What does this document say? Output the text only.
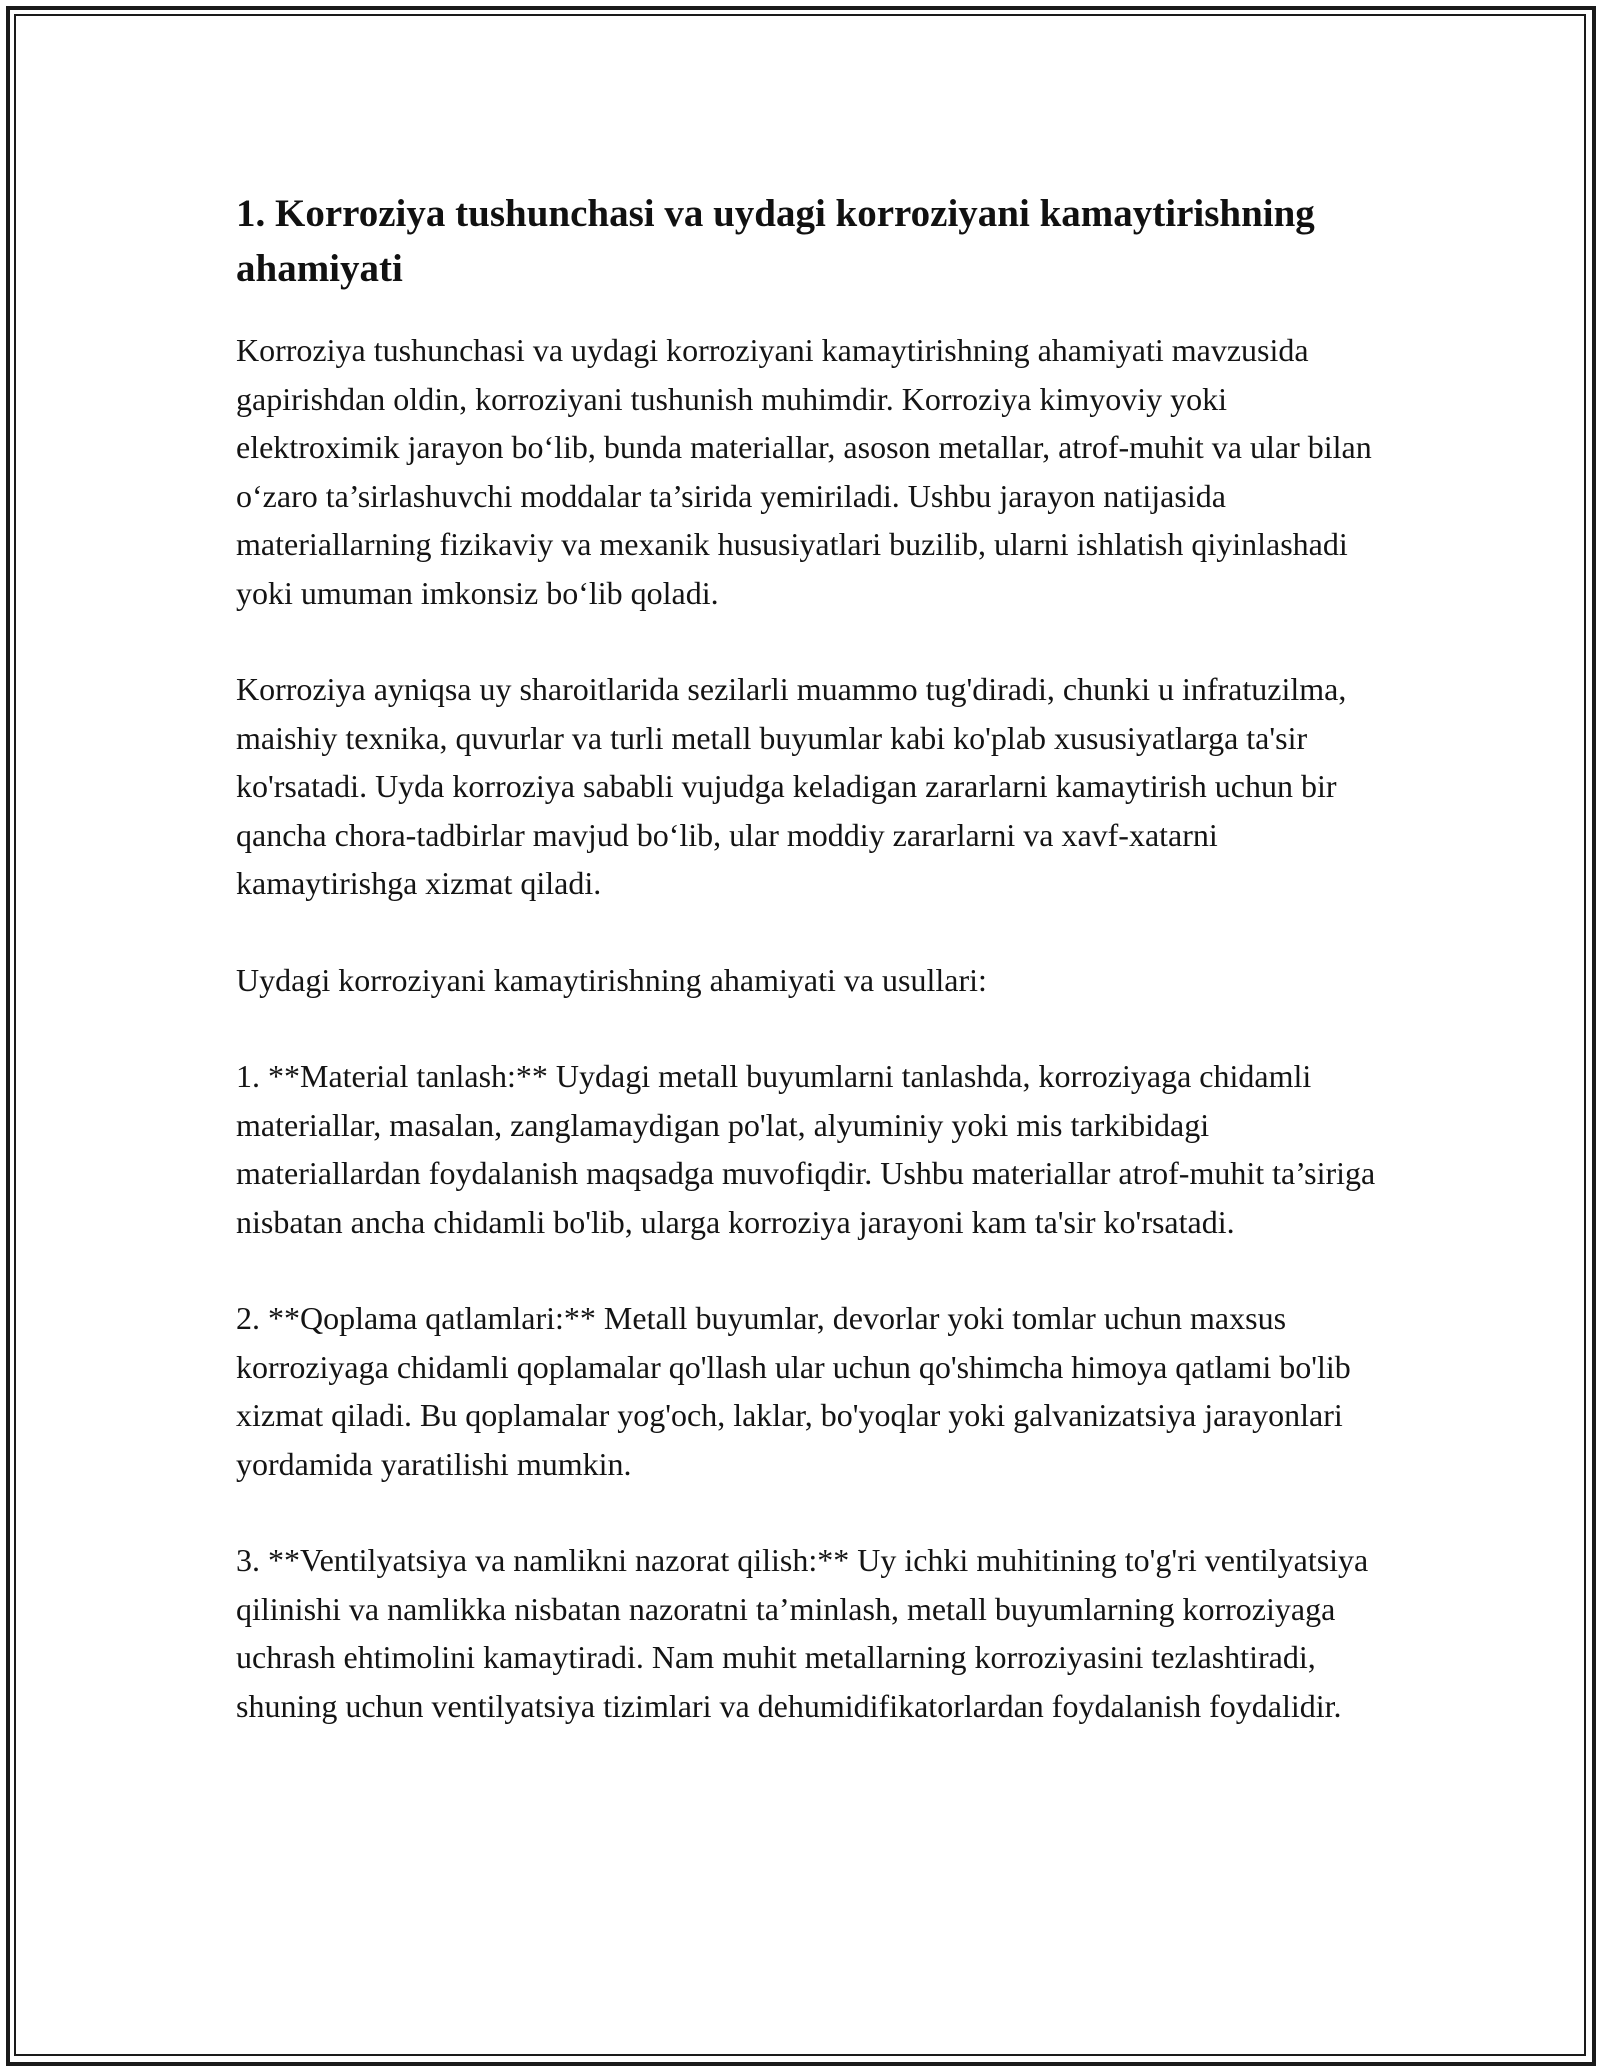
1. Korroziya tushunchasi va uydagi korroziyani kamaytirishning ahamiyati

Korroziya tushunchasi va uydagi korroziyani kamaytirishning ahamiyati mavzusida gapirishdan oldin, korroziyani tushunish muhimdir. Korroziya kimyoviy yoki elektroximik jarayon bo‘lib, bunda materiallar, asoson metallar, atrof-muhit va ular bilan o‘zaro ta’sirlashuvchi moddalar ta’sirida yemiriladi. Ushbu jarayon natijasida materiallarning fizikaviy va mexanik hususiyatlari buzilib, ularni ishlatish qiyinlashadi yoki umuman imkonsiz bo‘lib qoladi.

Korroziya ayniqsa uy sharoitlarida sezilarli muammo tug'diradi, chunki u infratuzilma, maishiy texnika, quvurlar va turli metall buyumlar kabi ko'plab xususiyatlarga ta'sir ko'rsatadi. Uyda korroziya sababli vujudga keladigan zararlarni kamaytirish uchun bir qancha chora-tadbirlar mavjud bo‘lib, ular moddiy zararlarni va xavf-xatarni kamaytirishga xizmat qiladi.

Uydagi korroziyani kamaytirishning ahamiyati va usullari:

1. **Material tanlash:** Uydagi metall buyumlarni tanlashda, korroziyaga chidamli materiallar, masalan, zanglamaydigan po'lat, alyuminiy yoki mis tarkibidagi materiallardan foydalanish maqsadga muvofiqdir. Ushbu materiallar atrof-muhit ta’siriga nisbatan ancha chidamli bo'lib, ularga korroziya jarayoni kam ta'sir ko'rsatadi.

2. **Qoplama qatlamlari:** Metall buyumlar, devorlar yoki tomlar uchun maxsus korroziyaga chidamli qoplamalar qo'llash ular uchun qo'shimcha himoya qatlami bo'lib xizmat qiladi. Bu qoplamalar yog'och, laklar, bo'yoqlar yoki galvanizatsiya jarayonlari yordamida yaratilishi mumkin.

3. **Ventilyatsiya va namlikni nazorat qilish:** Uy ichki muhitining to'g'ri ventilyatsiya qilinishi va namlikka nisbatan nazoratni ta’minlash, metall buyumlarning korroziyaga uchrash ehtimolini kamaytiradi. Nam muhit metallarning korroziyasini tezlashtiradi, shuning uchun ventilyatsiya tizimlari va dehumidifikatorlardan foydalanish foydalidir.
